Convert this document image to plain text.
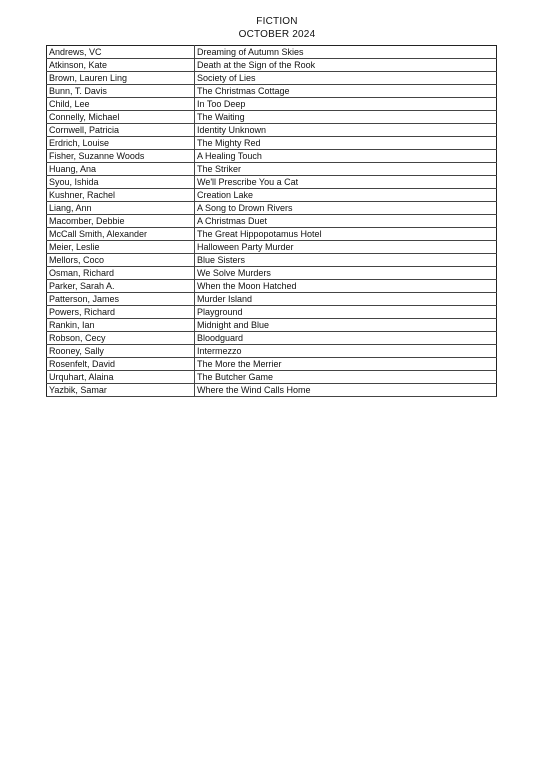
FICTION
OCTOBER 2024
Andrews, VC	Dreaming of Autumn Skies
Atkinson, Kate	Death at the Sign of the Rook
Brown, Lauren Ling	Society of Lies
Bunn, T. Davis	The Christmas Cottage
Child, Lee	In Too Deep
Connelly, Michael	The Waiting
Cornwell, Patricia	Identity Unknown
Erdrich, Louise	The Mighty Red
Fisher, Suzanne Woods	A Healing Touch
Huang, Ana	The Striker
Syou, Ishida	We'll Prescribe You a Cat
Kushner, Rachel	Creation Lake
Liang, Ann	A Song to Drown Rivers
Macomber, Debbie	A Christmas Duet
McCall Smith, Alexander	The Great Hippopotamus Hotel
Meier, Leslie	Halloween Party Murder
Mellors, Coco	Blue Sisters
Osman, Richard	We Solve Murders
Parker, Sarah A.	When the Moon Hatched
Patterson, James	Murder Island
Powers, Richard	Playground
Rankin, Ian	Midnight and Blue
Robson, Cecy	Bloodguard
Rooney, Sally	Intermezzo
Rosenfelt, David	The More the Merrier
Urquhart, Alaina	The Butcher Game
Yazbik, Samar	Where the Wind Calls Home
